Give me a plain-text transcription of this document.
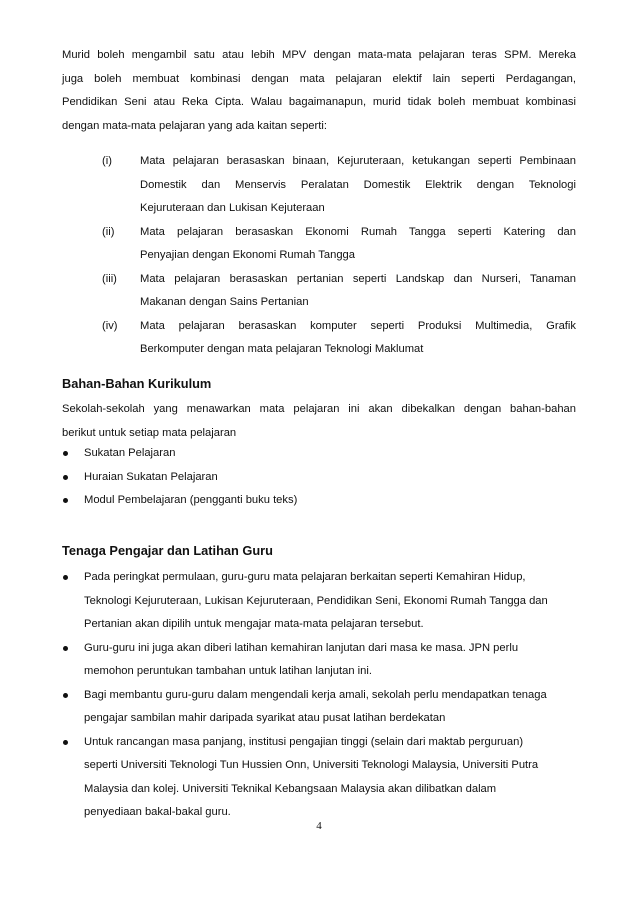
Murid boleh mengambil satu atau lebih MPV dengan mata-mata pelajaran teras SPM. Mereka
juga boleh membuat kombinasi dengan mata pelajaran elektif lain seperti Perdagangan,
Pendidikan Seni atau Reka Cipta. Walau bagaimanapun, murid tidak boleh membuat kombinasi
dengan mata-mata pelajaran yang ada kaitan seperti:
(i)	Mata pelajaran berasaskan binaan, Kejuruteraan, ketukangan seperti Pembinaan
Domestik dan Menservis Peralatan Domestik Elektrik dengan Teknologi
Kejuruteraan dan Lukisan Kejuteraan
(ii) Mata pelajaran berasaskan Ekonomi Rumah Tangga seperti Katering dan
Penyajian dengan Ekonomi Rumah Tangga
(iii) Mata pelajaran berasaskan pertanian seperti Landskap dan Nurseri, Tanaman
Makanan dengan Sains Pertanian
(iv) Mata pelajaran berasaskan komputer seperti Produksi Multimedia, Grafik
Berkomputer dengan mata pelajaran Teknologi Maklumat
Bahan-Bahan Kurikulum
Sekolah-sekolah yang menawarkan mata pelajaran ini akan dibekalkan dengan bahan-bahan
berikut untuk setiap mata pelajaran
Sukatan Pelajaran
Huraian Sukatan Pelajaran
Modul Pembelajaran (pengganti buku teks)
Tenaga Pengajar dan Latihan Guru
Pada peringkat permulaan, guru-guru mata pelajaran berkaitan seperti Kemahiran Hidup,
Teknologi Kejuruteraan, Lukisan Kejuruteraan, Pendidikan Seni, Ekonomi Rumah Tangga dan
Pertanian akan dipilih untuk mengajar mata-mata pelajaran tersebut.
Guru-guru ini juga akan diberi latihan kemahiran lanjutan dari masa ke masa. JPN perlu
memohon peruntukan tambahan untuk latihan lanjutan ini.
Bagi membantu guru-guru dalam mengendali kerja amali, sekolah perlu mendapatkan tenaga
pengajar sambilan mahir daripada syarikat atau pusat latihan berdekatan
Untuk rancangan masa panjang, institusi pengajian tinggi (selain dari maktab perguruan)
seperti Universiti Teknologi Tun Hussien Onn, Universiti Teknologi Malaysia, Universiti Putra
Malaysia dan kolej. Universiti Teknikal Kebangsaan Malaysia akan dilibatkan dalam
penyediaan bakal-bakal guru.
4
